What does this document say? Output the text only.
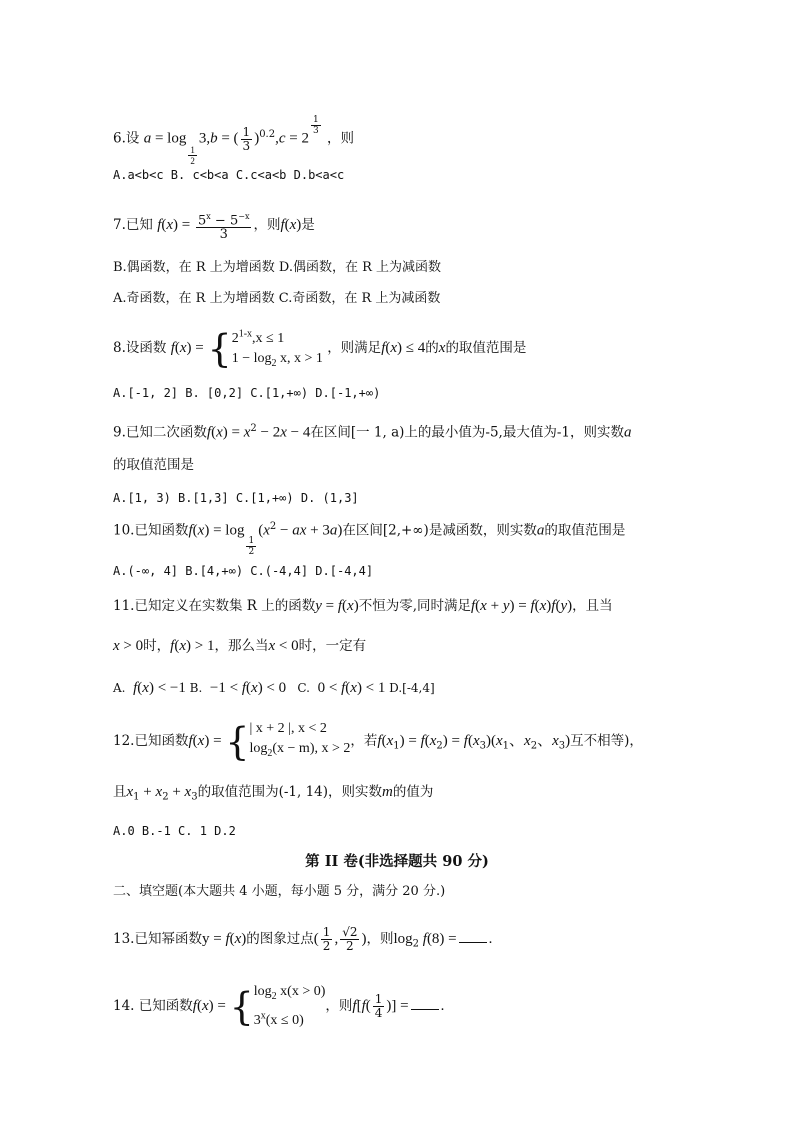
6.设 a = log
$_{\frac{1}{2}}$
3,b = ( $\frac{1}{3} )^{0.2},c = 2$
$^{\frac{1}{3}}$
，则
A.a<b<c B. c<b<a C.c<a<b D.b<a<c
7.已知 $f(x) = \frac{5^x - 5^{-x}}{3}$ ，则f(x)是
B.偶函数，在 R 上为增函数 D.偶函数，在 R 上为减函数
A.奇函数，在 R 上为增函数 C.奇函数，在 R 上为减函数
8.设函数 $f(x) = \{2^{1-x},x \le 1$
$1 - \log_2 x$, x > 1 ，则满足f(x) ≤ 4的x的取值范围是
A.[-1, 2] B. [0,2] C.[1,+∞) D.[-1,+∞)
9.已知二次函数$f(x) = x^2 - 2x - 4$在区间[一 1, a)上的最小值为-5,最大值为-1，则实数a
的取值范围是
A.[1, 3) B.[1,3] C.[1,+∞) D. (1,3]
10.已知函数f(x) = log
$_{\frac{1}{2}}$
($x^2$ − ax + 3a)在区间[2,+∞)是减函数，则实数a的取值范围是
A.(-∞, 4] B.[4,+∞) C.(-4,4] D.[-4,4]
11.已知定义在实数集 R 上的函数y = f(x)不恒为零,同时满足f(x + y) = f(x)f(y)，且当
x > 0时，f(x) > 1，那么当x < 0时，一定有
A. f(x) < −1 B. −1 < f(x) < 0   C. 0 < f(x) < 1 D.[-4,4]
12.已知函数f(x) = {| x + 2 |, x < 2
$\log_2(x - m)$, x > 2，若$f(x_1) = f(x_2) = f(x_3)(x_1$、$x_2$、$x_3$)互不相等)，
且$x_1 + x_2 + x_3$的取值范围为(-1, 14)，则实数m的值为
A.0 B.-1 C. 1 D.2
第 II 卷(非选择题共 90 分)
二、填空题(本大题共 4 小题，每小题 5 分，满分 20 分.)
13.已知幂函数y = f(x)的图象过点( $\frac{1}{2}$ , $\frac{√2}{2}$ )，则$\log_2 f(8)$ = .
14. 已知函数$f(x) = \{\log_2$ x(x > 0)
$3^x(x \le 0)$，则$f[f( \frac{1}{4}$ )] = .
